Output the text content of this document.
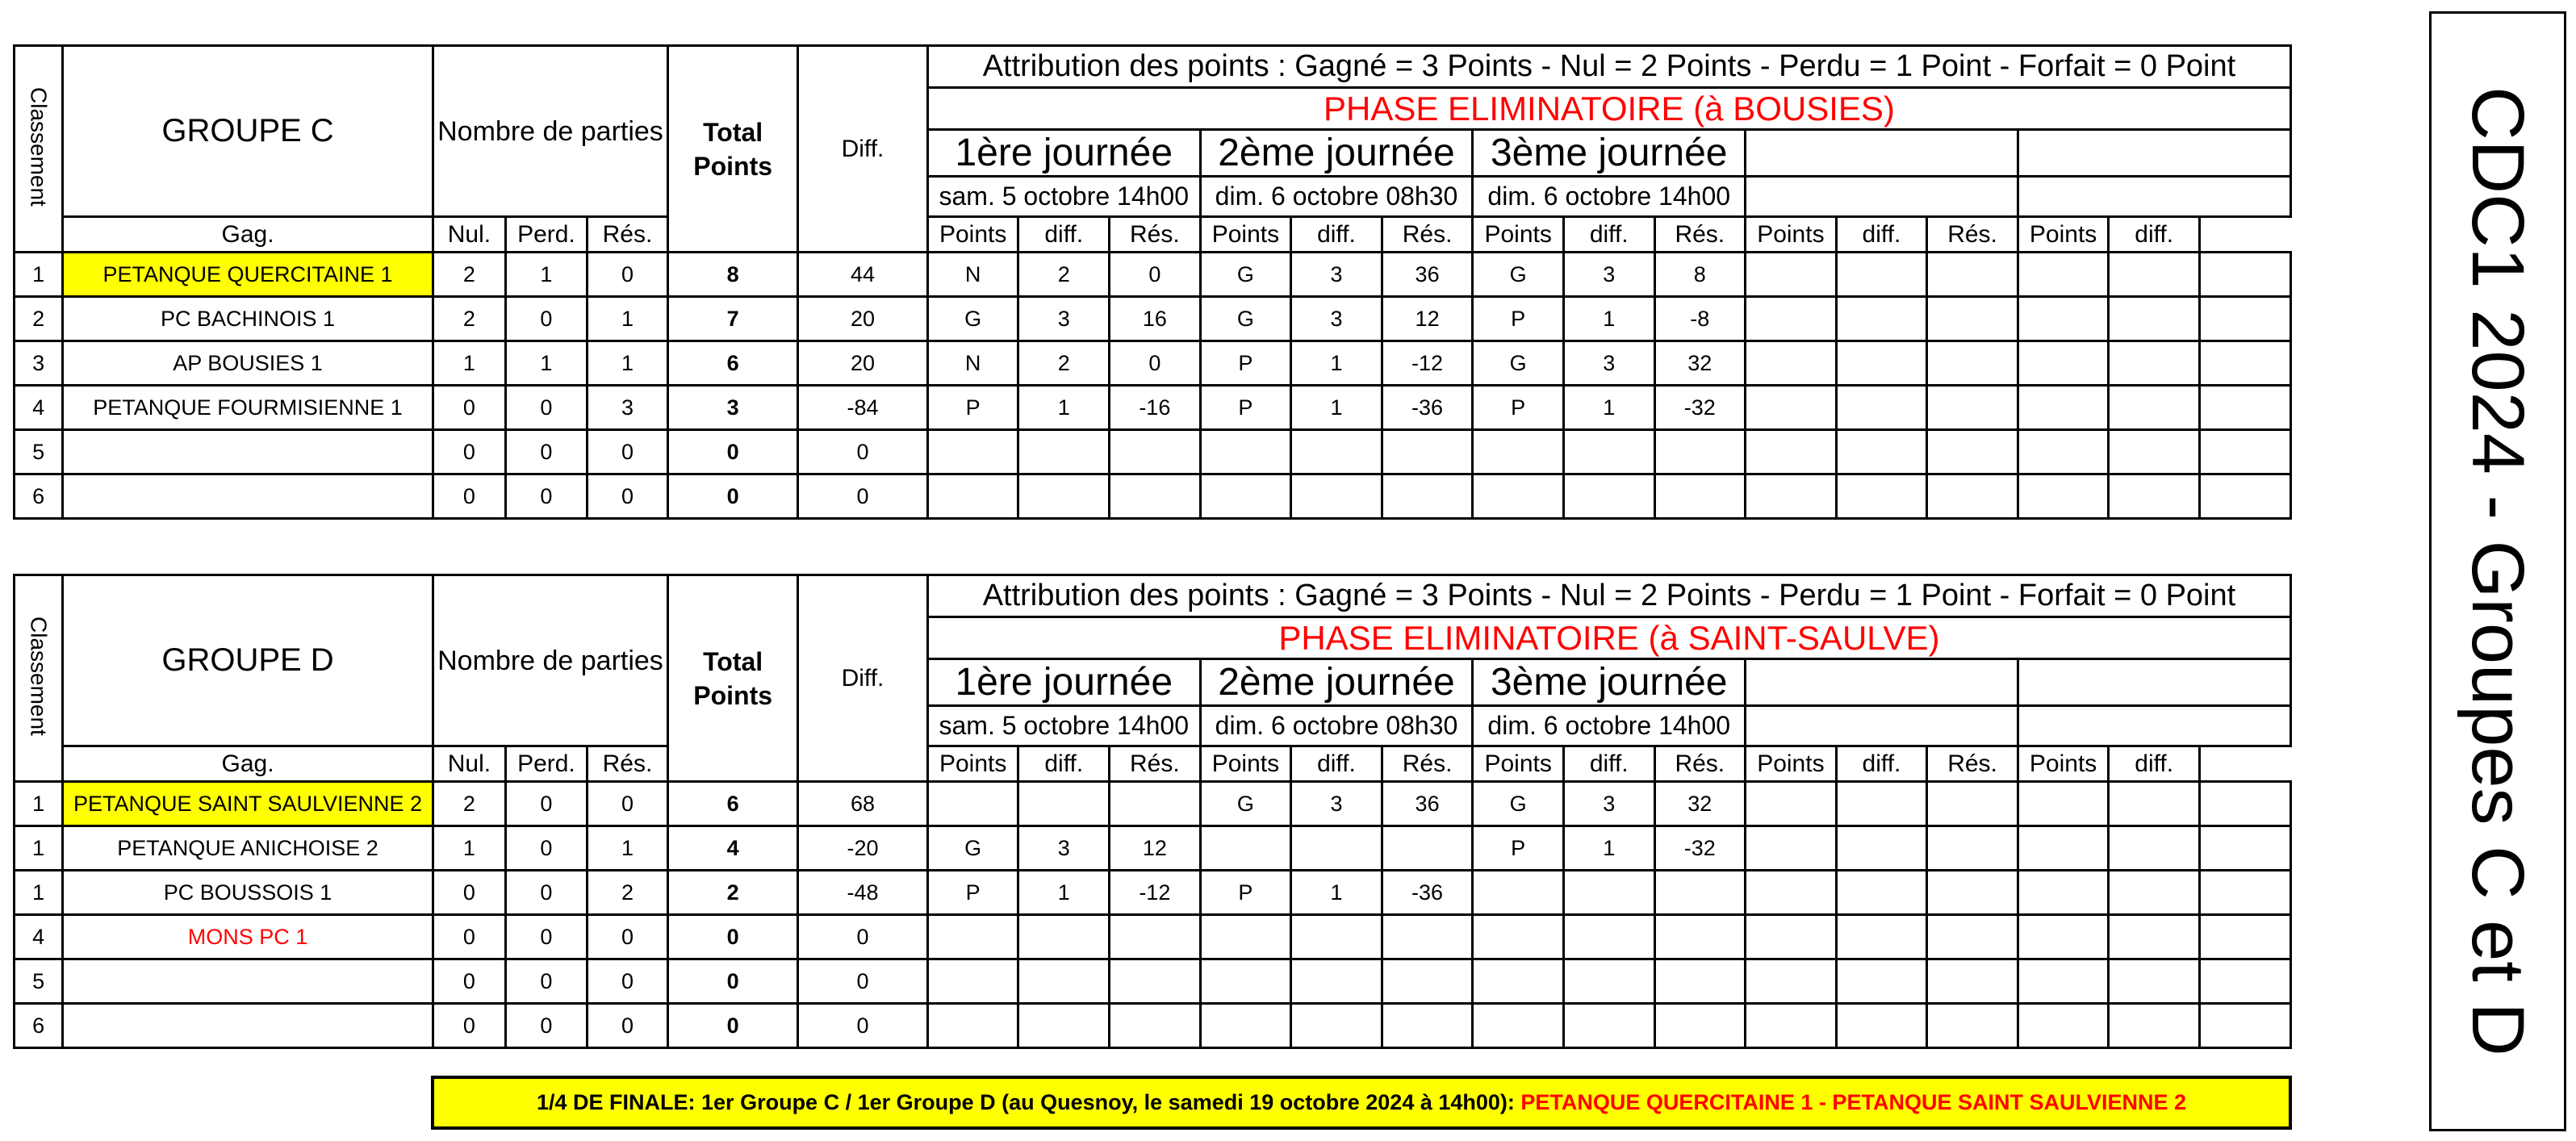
Classement	GROUPE C	Nombre de parties			Total Points	Diff.	Attribution des points : Gagné = 3 Points - Nul = 2 Points - Perdu = 1 Point - Forfait = 0 Point														
							PHASE ELIMINATOIRE (à BOUSIES)														
							1ère journée			2ème journée			3ème journée								
							sam. 5 octobre 14h00			dim. 6 octobre 08h30			dim. 6 octobre 14h00								
	Gag.	Nul.	Perd.	Rés.			Points	diff.	Rés.	Points	diff.	Rés.	Points	diff.	Rés.	Points	diff.	Rés.	Points	diff.	
1	PETANQUE QUERCITAINE 1	2	1	0	8	44	N	2	0	G	3	36	G	3	8						
2	PC BACHINOIS 1	2	0	1	7	20	G	3	16	G	3	12	P	1	-8						
3	AP BOUSIES 1	1	1	1	6	20	N	2	0	P	1	-12	G	3	32						
4	PETANQUE FOURMISIENNE 1	0	0	3	3	-84	P	1	-16	P	1	-36	P	1	-32						
5		0	0	0	0	0															
6		0	0	0	0	0															
Classement	GROUPE D	Nombre de parties			Total Points	Diff.	Attribution des points : Gagné = 3 Points - Nul = 2 Points - Perdu = 1 Point - Forfait = 0 Point														
							PHASE ELIMINATOIRE (à SAINT-SAULVE)														
							1ère journée			2ème journée			3ème journée								
							sam. 5 octobre 14h00			dim. 6 octobre 08h30			dim. 6 octobre 14h00								
	Gag.	Nul.	Perd.	Rés.			Points	diff.	Rés.	Points	diff.	Rés.	Points	diff.	Rés.	Points	diff.	Rés.	Points	diff.	
1	PETANQUE SAINT SAULVIENNE 2	2	0	0	6	68				G	3	36	G	3	32						
1	PETANQUE ANICHOISE 2	1	0	1	4	-20	G	3	12				P	1	-32						
1	PC BOUSSOIS 1	0	0	2	2	-48	P	1	-12	P	1	-36									
4	MONS PC 1	0	0	0	0	0															
5		0	0	0	0	0															
6		0	0	0	0	0															
1/4 DE FINALE: 1er Groupe C / 1er Groupe D (au Quesnoy, le samedi 19 octobre 2024 à 14h00):
PETANQUE QUERCITAINE 1 - PETANQUE SAINT SAULVIENNE 2
CDC1 2024 - Groupes C et D
